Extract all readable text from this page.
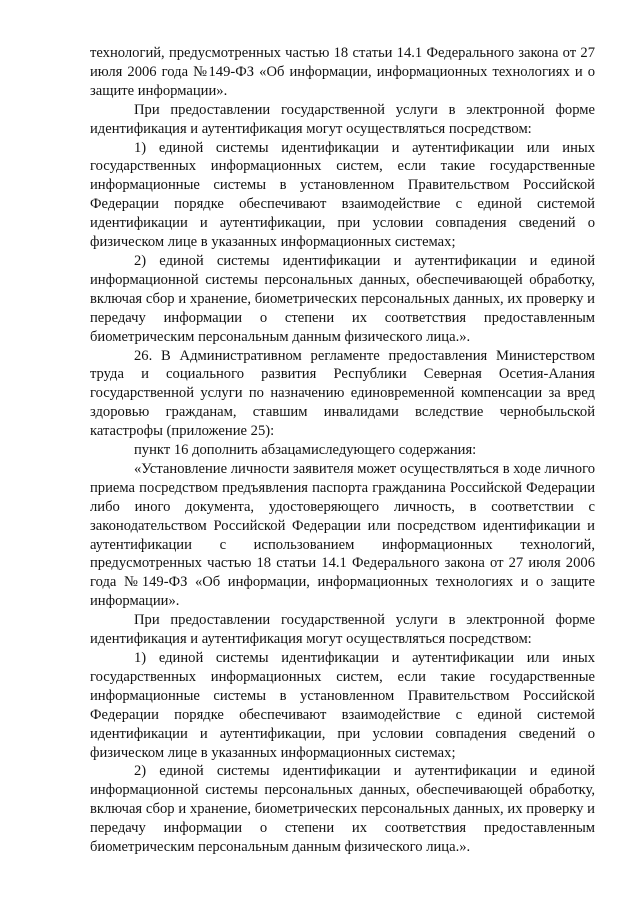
технологий, предусмотренных частью 18 статьи 14.1 Федерального закона от 27 июля 2006 года №149-ФЗ «Об информации, информационных технологиях и о защите информации».

При предоставлении государственной услуги в электронной форме идентификация и аутентификация могут осуществляться посредством:

1) единой системы идентификации и аутентификации или иных государственных информационных систем, если такие государственные информационные системы в установленном Правительством Российской Федерации порядке обеспечивают взаимодействие с единой системой идентификации и аутентификации, при условии совпадения сведений о физическом лице в указанных информационных системах;

2) единой системы идентификации и аутентификации и единой информационной системы персональных данных, обеспечивающей обработку, включая сбор и хранение, биометрических персональных данных, их проверку и передачу информации о степени их соответствия предоставленным биометрическим персональным данным физического лица.».

26. В Административном регламенте предоставления Министерством труда и социального развития Республики Северная Осетия-Алания государственной услуги по назначению единовременной компенсации за вред здоровью гражданам, ставшим инвалидами вследствие чернобыльской катастрофы (приложение 25):

пункт 16 дополнить абзацамиследующего содержания:

«Установление личности заявителя может осуществляться в ходе личного приема посредством предъявления паспорта гражданина Российской Федерации либо иного документа, удостоверяющего личность, в соответствии с законодательством Российской Федерации или посредством идентификации и аутентификации с использованием информационных технологий, предусмотренных частью 18 статьи 14.1 Федерального закона от 27 июля 2006 года №149-ФЗ «Об информации, информационных технологиях и о защите информации».

При предоставлении государственной услуги в электронной форме идентификация и аутентификация могут осуществляться посредством:

1) единой системы идентификации и аутентификации или иных государственных информационных систем, если такие государственные информационные системы в установленном Правительством Российской Федерации порядке обеспечивают взаимодействие с единой системой идентификации и аутентификации, при условии совпадения сведений о физическом лице в указанных информационных системах;

2) единой системы идентификации и аутентификации и единой информационной системы персональных данных, обеспечивающей обработку, включая сбор и хранение, биометрических персональных данных, их проверку и передачу информации о степени их соответствия предоставленным биометрическим персональным данным физического лица.».
